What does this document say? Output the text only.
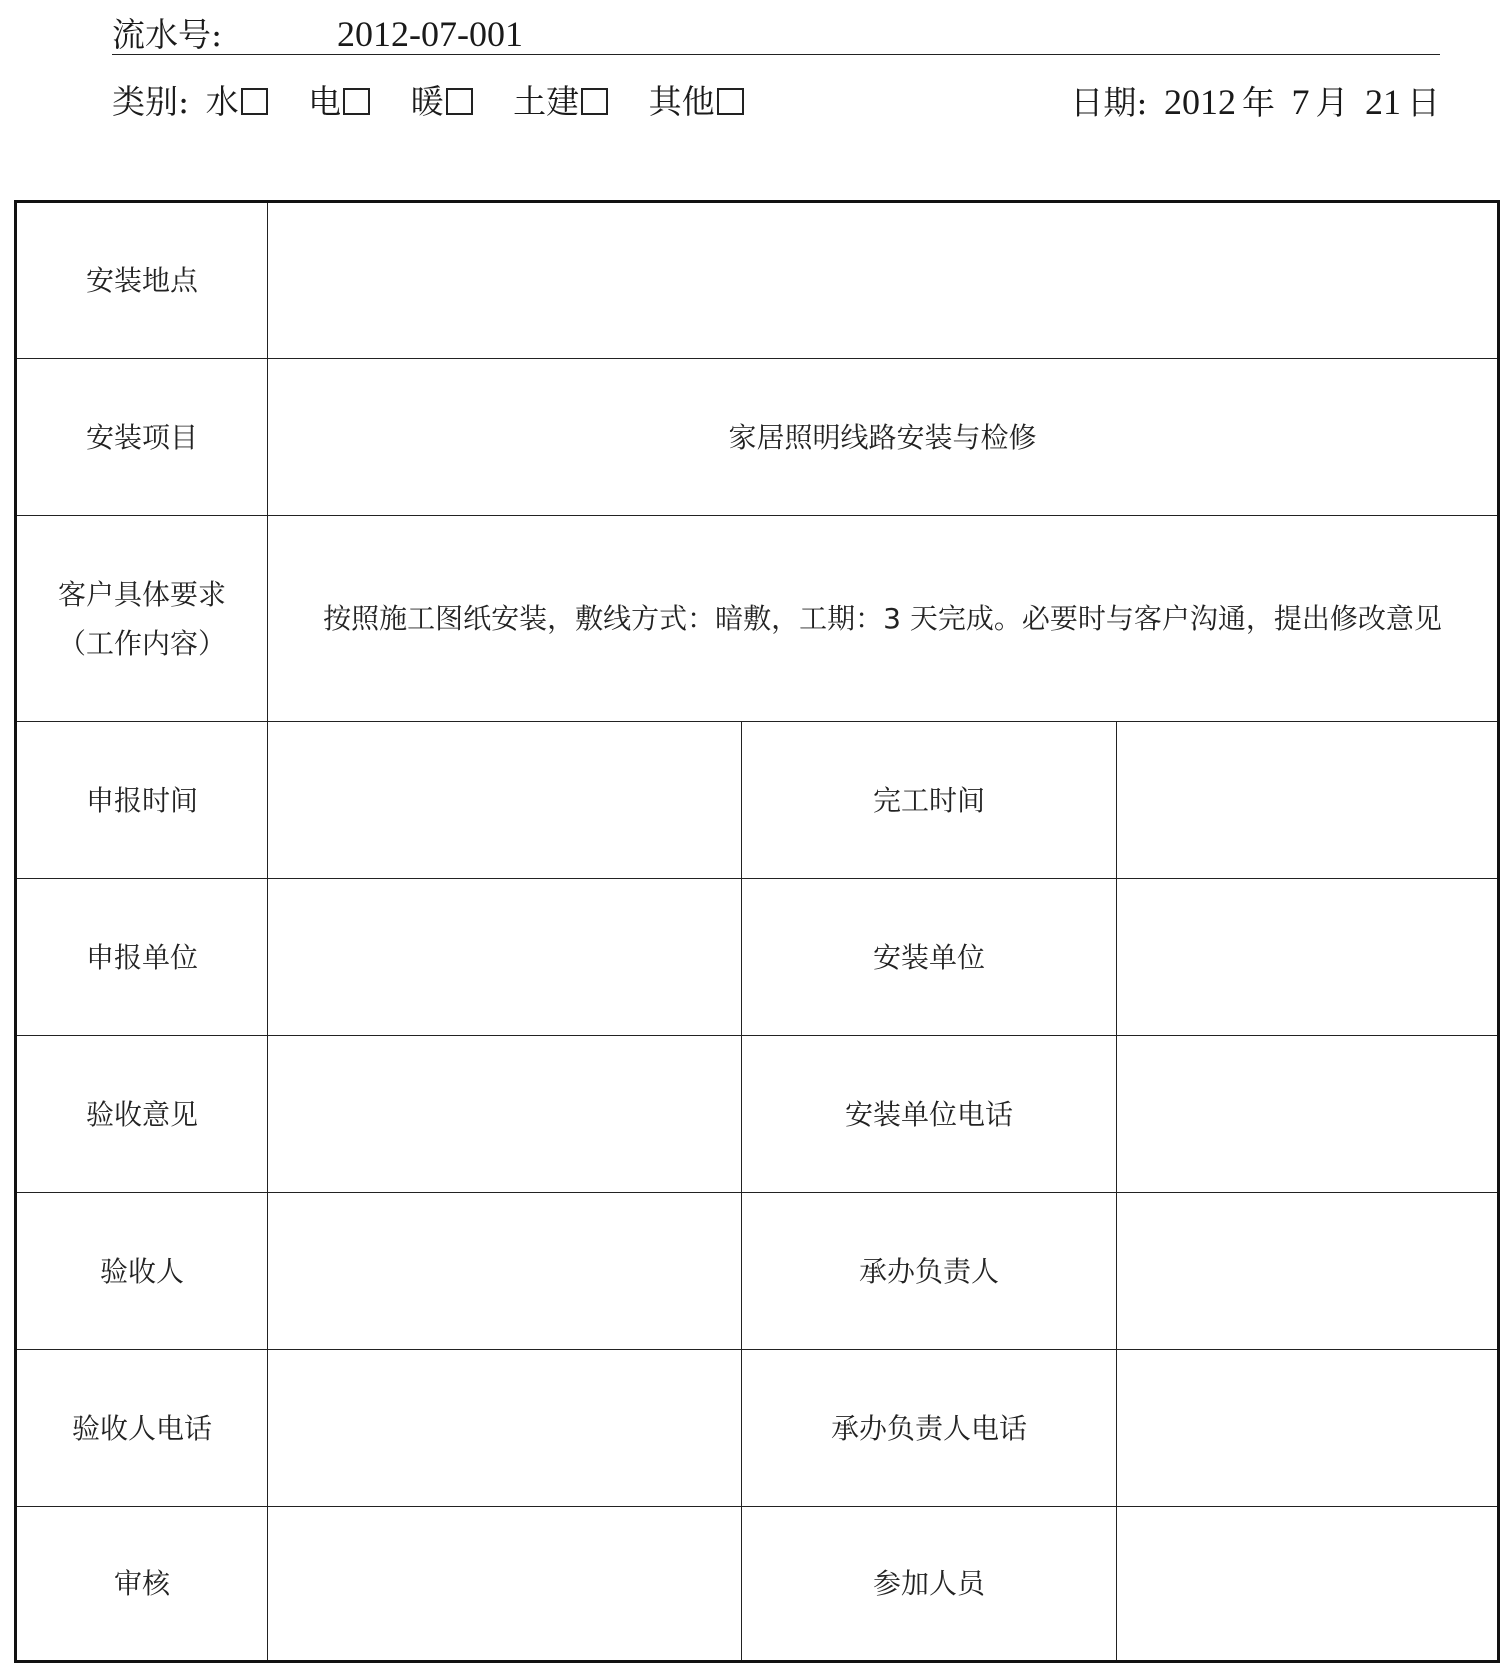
流水号:	2012-07-001
类别: 水 电 暖 土建 其他	日期: 2012 年 7 月 21 日
安装地点			
安装项目	家居照明线路安装与检修		

客户具体要求
（工作内容）	按照施工图纸安装，敷线方式：暗敷，工期：3 天完成。必要时与客户沟通，提出修改意见		
申报时间		完工时间	
申报单位		安装单位	
验收意见		安装单位电话	
验收人		承办负责人	
验收人电话		承办负责人电话	
审核		参加人员	
